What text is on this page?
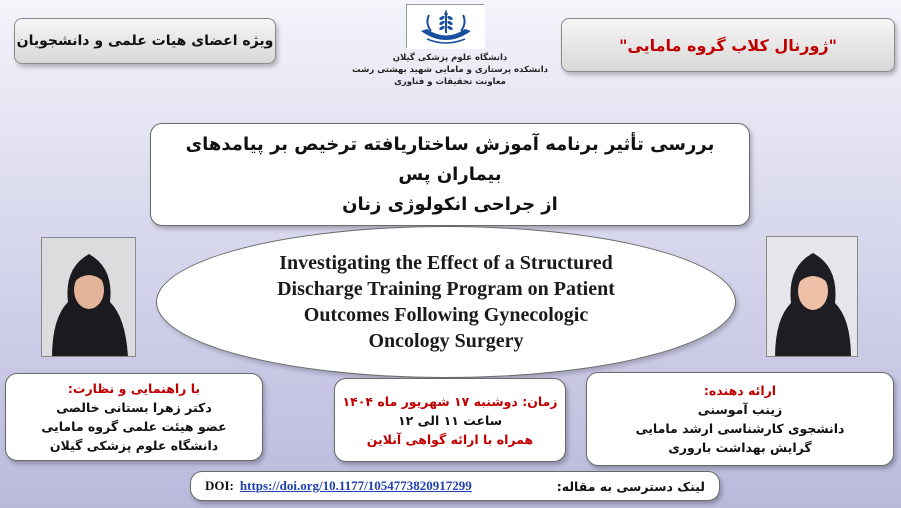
ویژه اعضای هیات علمی و دانشجویان	"ژورنال کلاب گروه مامایی"
دانشگاه علوم پزشکی گیلان
دانشکده پرستاری و مامایی شهید بهشتی رشت
معاونت تحقیقات و فناوری
بررسی تأثیر برنامه آموزش ساختاریافته ترخیص بر پیامدهای بیماران پس
از جراحی انکولوژی زنان
Investigating the Effect of a Structured
Discharge Training Program on Patient
Outcomes Following Gynecologic
Oncology Surgery
با راهنمایی و نظارت:
دکتر زهرا بستانی خالصی
عضو هیئت علمی گروه مامایی
دانشگاه علوم پزشکی گیلان
زمان: دوشنبه ۱۷ شهریور ماه ۱۴۰۴
ساعت ۱۱ الی ۱۲
همراه با ارائه گواهی آنلاین
ارائه دهنده:
زینب آموسنی
دانشجوی کارشناسی ارشد مامایی
گرایش بهداشت باروری
DOI: https://doi.org/10.1177/1054773820917299	لینک دسترسی به مقاله:
